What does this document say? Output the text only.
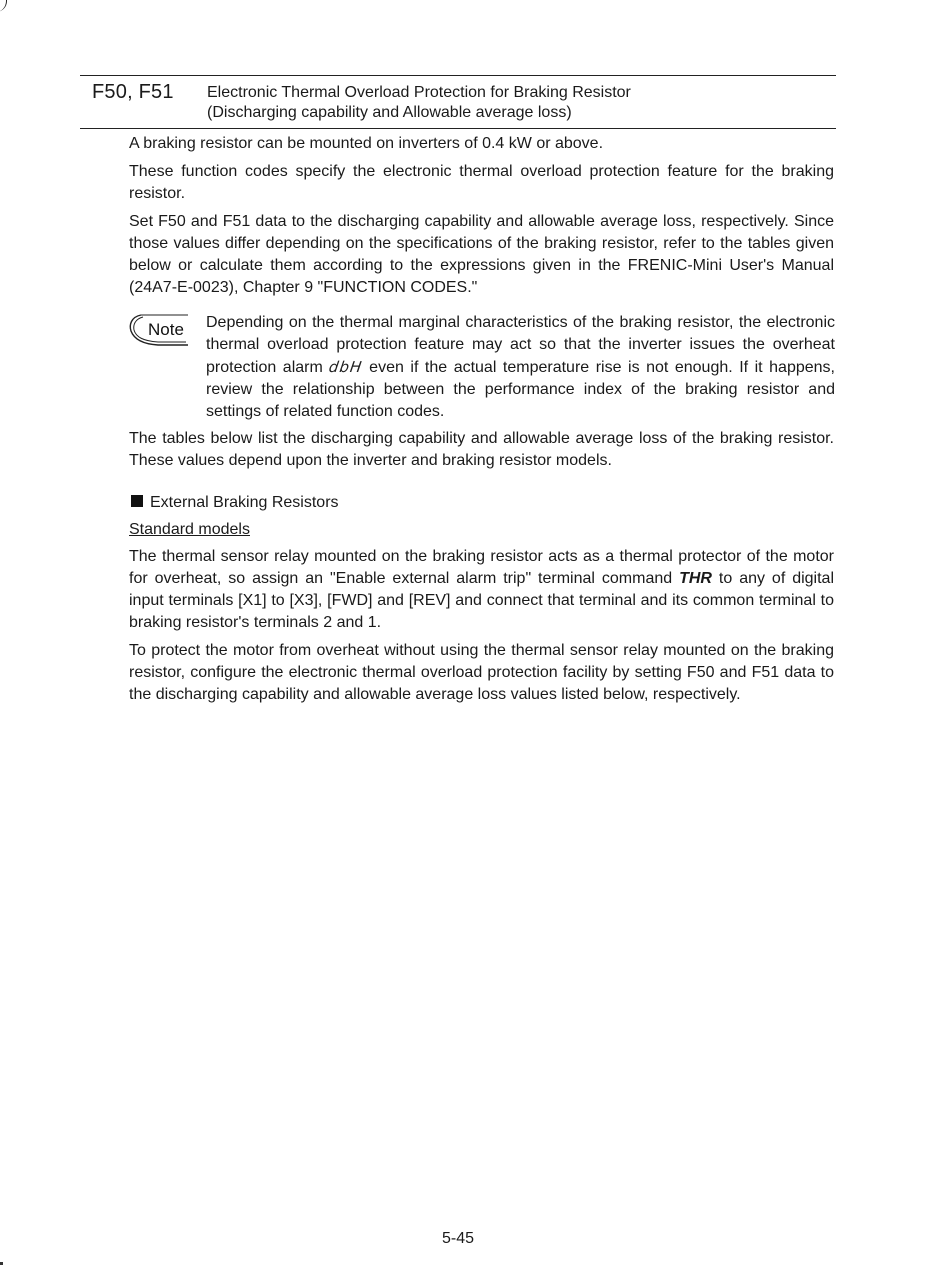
F50, F51 Electronic Thermal Overload Protection for Braking Resistor
(Discharging capability and Allowable average loss)

A braking resistor can be mounted on inverters of 0.4 kW or above.

These function codes specify the electronic thermal overload protection feature for the braking resistor.

Set F50 and F51 data to the discharging capability and allowable average loss, respectively. Since those values differ depending on the specifications of the braking resistor, refer to the tables given below or calculate them according to the expressions given in the FRENIC-Mini User's Manual (24A7-E-0023), Chapter 9 "FUNCTION CODES."

Note Depending on the thermal marginal characteristics of the braking resistor, the electronic thermal overload protection feature may act so that the inverter issues the overheat protection alarm dbH even if the actual temperature rise is not enough. If it happens, review the relationship between the performance index of the braking resistor and settings of related function codes.
The tables below list the discharging capability and allowable average loss of the braking resistor. These values depend upon the inverter and braking resistor models.
External Braking Resistors
Standard models

The thermal sensor relay mounted on the braking resistor acts as a thermal protector of the motor for overheat, so assign an "Enable external alarm trip" terminal command THR to any of digital input terminals [X1] to [X3], [FWD] and [REV] and connect that terminal and its common terminal to braking resistor's terminals 2 and 1.

To protect the motor from overheat without using the thermal sensor relay mounted on the braking resistor, configure the electronic thermal overload protection facility by setting F50 and F51 data to the discharging capability and allowable average loss values listed below, respectively.

5-45
